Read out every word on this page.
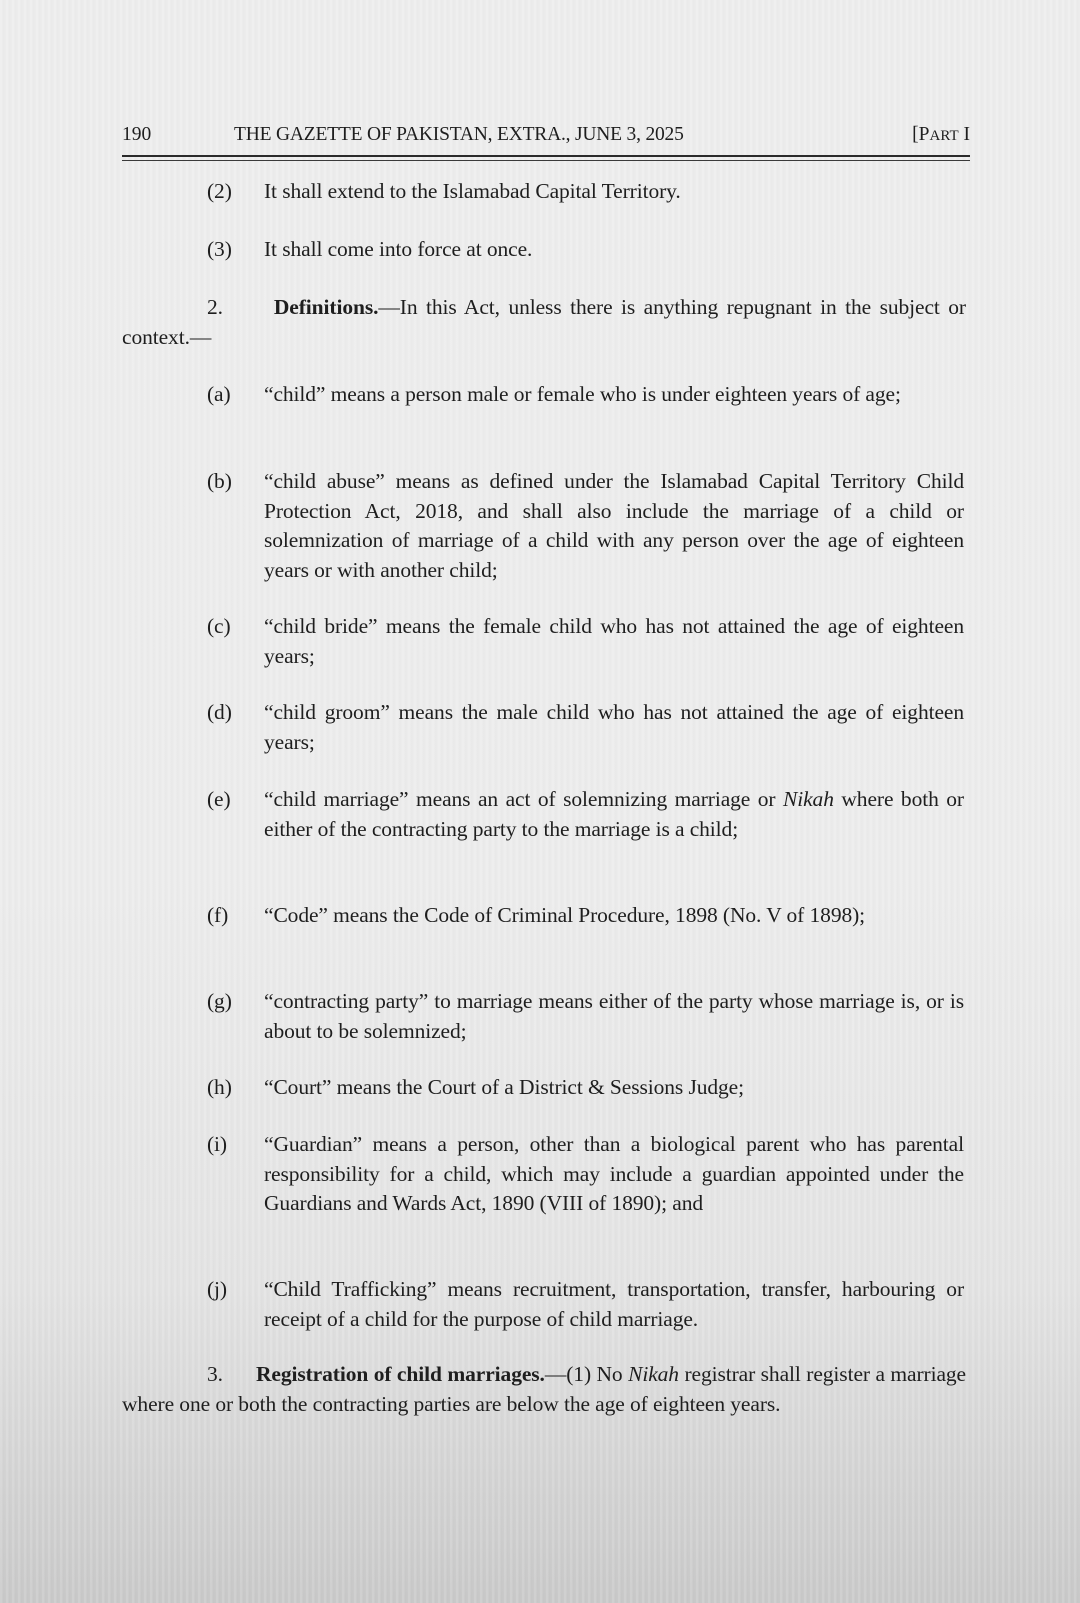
190	THE GAZETTE OF PAKISTAN, EXTRA., JUNE 3, 2025	[PART I
(2) It shall extend to the Islamabad Capital Territory.
(3) It shall come into force at once.
2. Definitions.—In this Act, unless there is anything repugnant in the subject or context.—
(a) “child” means a person male or female who is under eighteen years of age;
(b) “child abuse” means as defined under the Islamabad Capital Territory Child Protection Act, 2018, and shall also include the marriage of a child or solemnization of marriage of a child with any person over the age of eighteen years or with another child;
(c) “child bride” means the female child who has not attained the age of eighteen years;
(d) “child groom” means the male child who has not attained the age of eighteen years;
(e) “child marriage” means an act of solemnizing marriage or Nikah where both or either of the contracting party to the marriage is a child;
(f) “Code” means the Code of Criminal Procedure, 1898 (No. V of 1898);
(g) “contracting party” to marriage means either of the party whose marriage is, or is about to be solemnized;
(h) “Court” means the Court of a District & Sessions Judge;
(i) “Guardian” means a person, other than a biological parent who has parental responsibility for a child, which may include a guardian appointed under the Guardians and Wards Act, 1890 (VIII of 1890); and
(j) “Child Trafficking” means recruitment, transportation, transfer, harbouring or receipt of a child for the purpose of child marriage.
3. Registration of child marriages.—(1) No Nikah registrar shall register a marriage where one or both the contracting parties are below the age of eighteen years.
